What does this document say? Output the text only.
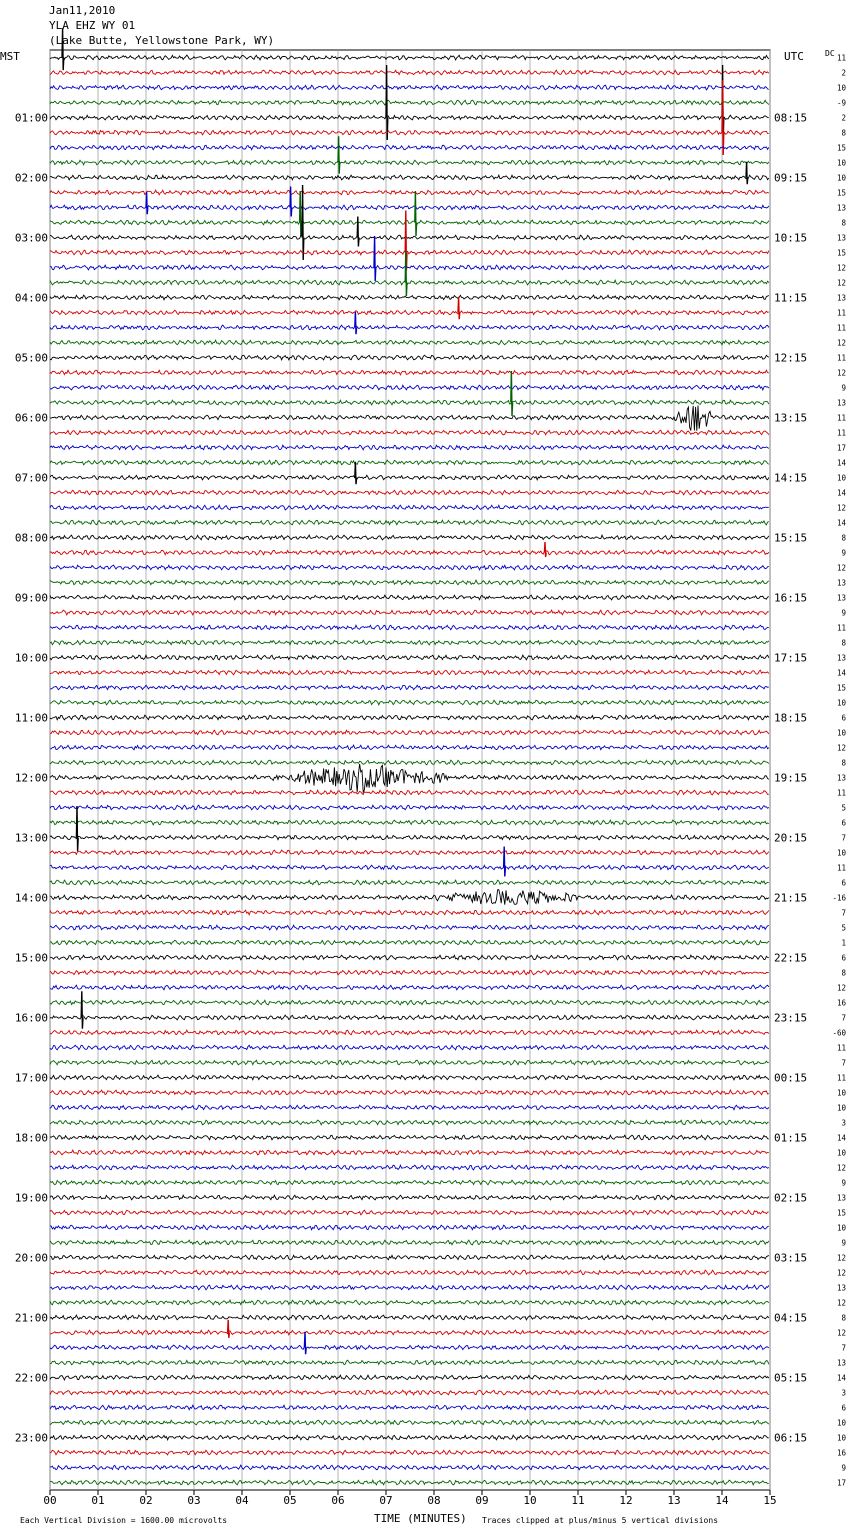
Jan11,2010
YLA EHZ WY 01
(Lake Butte, Yellowstone Park, WY)
MST	UTC	DC
00	01	02	03	04	05	06	07	08	09	10	11	12	13	14	15
11
2
10
-9
2
8
15
10
10
15
13
8
13
15
12
12
13
11
11
12
11
12
9
13
11
11
17
14
10
14
12
14
8
9
12
13
13
9
11
8
13
14
15
10
6
10
12
8
13
11
5
6
7
10
11
6
-16
7
5
1
6
8
12
16
7
-60
11
7
11
10
10
3
14
10
12
9
13
15
10
9
12
12
13
12
8
12
7
13
14
3
6
10
10
16
9
17
01:00
02:00
03:00
04:00
05:00
06:00
07:00
08:00
09:00
10:00
11:00
12:00
13:00
14:00
15:00
16:00
17:00
18:00
19:00
20:00
21:00
22:00
23:00
08:15
09:15
10:15
11:15
12:15
13:15
14:15
15:15
16:15
17:15
18:15
19:15
20:15
21:15
22:15
23:15
00:15
01:15
02:15
03:15
04:15
05:15
06:15
TIME (MINUTES)
Each Vertical Division = 1600.00 microvolts	Traces clipped at plus/minus 5 vertical divisions
